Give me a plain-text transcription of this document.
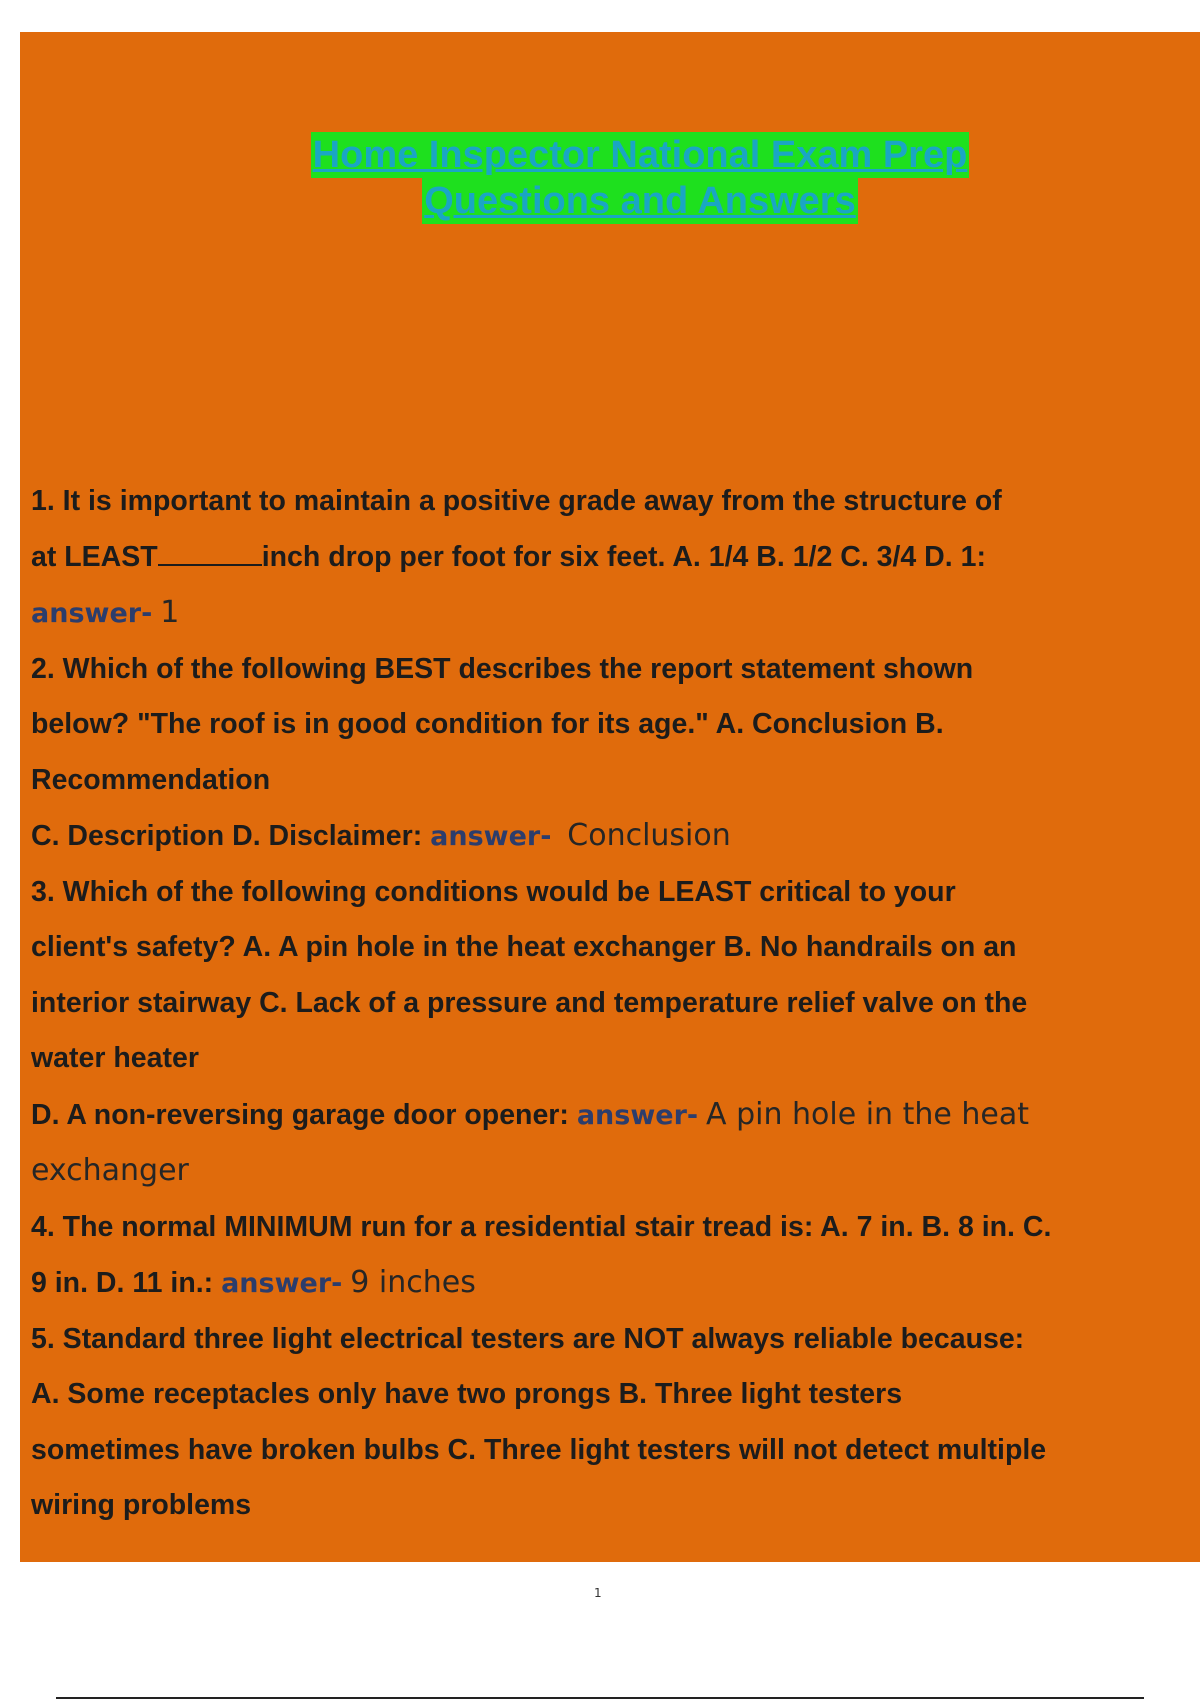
Home Inspector National Exam Prep
Questions and Answers
1. It is important to maintain a positive grade away from the structure of
at LEAST	inch drop per foot for six feet. A. 1/4 B. 1/2 C. 3/4 D. 1:
answer- 1
2. Which of the following BEST describes the report statement shown
below? "The roof is in good condition for its age." A. Conclusion B.
Recommendation
C. Description D. Disclaimer: answer- Conclusion
3. Which of the following conditions would be LEAST critical to your
client's safety? A. A pin hole in the heat exchanger B. No handrails on an
interior stairway C. Lack of a pressure and temperature relief valve on the
water heater
D. A non-reversing garage door opener: answer- A pin hole in the heat
exchanger
4. The normal MINIMUM run for a residential stair tread is: A. 7 in. B. 8 in. C.
9 in. D. 11 in.: answer- 9 inches
5. Standard three light electrical testers are NOT always reliable because:
A. Some receptacles only have two prongs B. Three light testers
sometimes have broken bulbs C. Three light testers will not detect multiple
wiring problems
1
